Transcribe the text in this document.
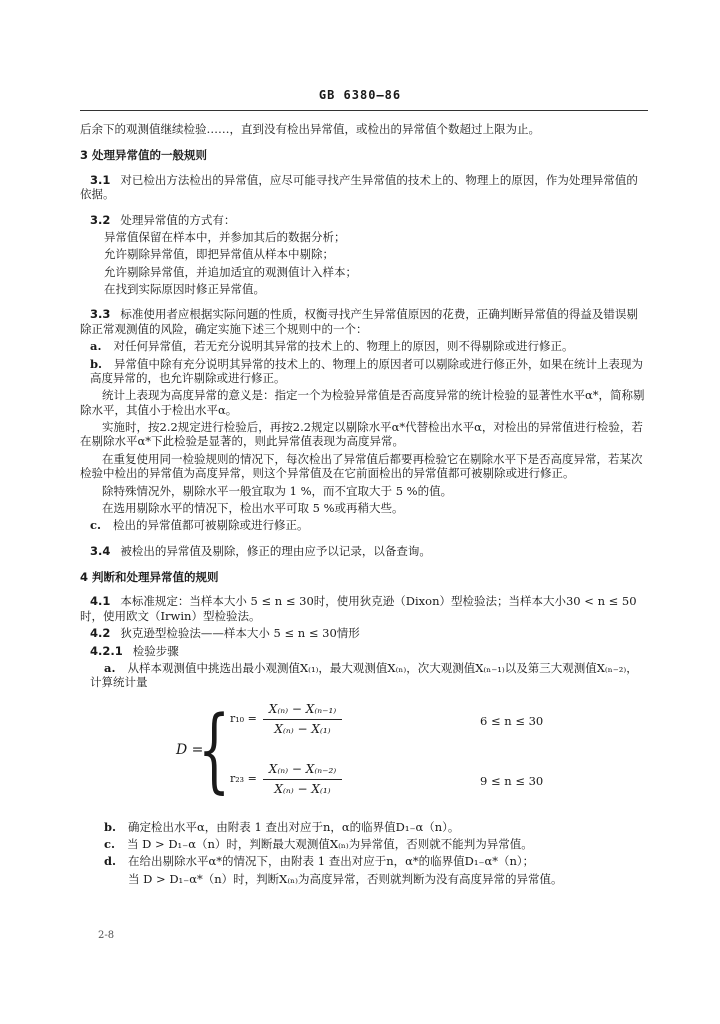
GB 6380—86

后余下的观测值继续检验……，直到没有检出异常值，或检出的异常值个数超过上限为止。

3 处理异常值的一般规则

3.1 对已检出方法检出的异常值，应尽可能寻找产生异常值的技术上的、物理上的原因，作为处理异常值的依据。

3.2 处理异常值的方式有：

异常值保留在样本中，并参加其后的数据分析；

允许剔除异常值，即把异常值从样本中剔除；

允许剔除异常值，并追加适宜的观测值计入样本；

在找到实际原因时修正异常值。

3.3 标准使用者应根据实际问题的性质，权衡寻找产生异常值原因的花费，正确判断异常值的得益及错误剔除正常观测值的风险，确定实施下述三个规则中的一个：

a. 对任何异常值，若无充分说明其异常的技术上的、物理上的原因，则不得剔除或进行修正。

b. 异常值中除有充分说明其异常的技术上的、物理上的原因者可以剔除或进行修正外，如果在统计上表现为高度异常的，也允许剔除或进行修正。

统计上表现为高度异常的意义是：指定一个为检验异常值是否高度异常的统计检验的显著性水平α*，简称剔除水平，其值小于检出水平α。

实施时，按2.2规定进行检验后，再按2.2规定以剔除水平α*代替检出水平α，对检出的异常值进行检验，若在剔除水平α*下此检验是显著的，则此异常值表现为高度异常。

在重复使用同一检验规则的情况下，每次检出了异常值后都要再检验它在剔除水平下是否高度异常，若某次检验中检出的异常值为高度异常，则这个异常值及在它前面检出的异常值都可被剔除或进行修正。

除特殊情况外，剔除水平一般宜取为 1 %，而不宜取大于 5 %的值。

在选用剔除水平的情况下，检出水平可取 5 %或再稍大些。

c. 检出的异常值都可被剔除或进行修正。

3.4 被检出的异常值及剔除，修正的理由应予以记录，以备查询。

4 判断和处理异常值的规则

4.1 本标准规定：当样本大小 5 ≤ n ≤ 30时，使用狄克逊（Dixon）型检验法；当样本大小30 < n ≤ 50时，使用欧文（Irwin）型检验法。

4.2 狄克逊型检验法——样本大小 5 ≤ n ≤ 30情形

4.2.1 检验步骤

a. 从样本观测值中挑选出最小观测值X₍₁₎，最大观测值X₍ₙ₎，次大观测值X₍ₙ₋₁₎以及第三大观测值X₍ₙ₋₂₎，计算统计量

D =
{ $r_{10} = \frac{\text{X₍ₙ₎ − X₍ₙ₋₁₎}}{\text{X₍ₙ₎ − X₍₁₎}}$	6 ≤ n ≤ 30
$r_{23} = \frac{\text{X₍ₙ₎ − X₍ₙ₋₂₎}}{\text{X₍ₙ₎ − X₍₁₎}}$	9 ≤ n ≤ 30

b. 确定检出水平α，由附表 1 查出对应于n，α的临界值D₁₋α（n）。

c. 当 D > D₁₋α（n）时，判断最大观测值X₍ₙ₎为异常值，否则就不能判为异常值。

d. 在给出剔除水平α*的情况下，由附表 1 查出对应于n，α*的临界值D₁₋α*（n）；

当 D > D₁₋α*（n）时，判断X₍ₙ₎为高度异常，否则就判断为没有高度异常的异常值。

2-8
